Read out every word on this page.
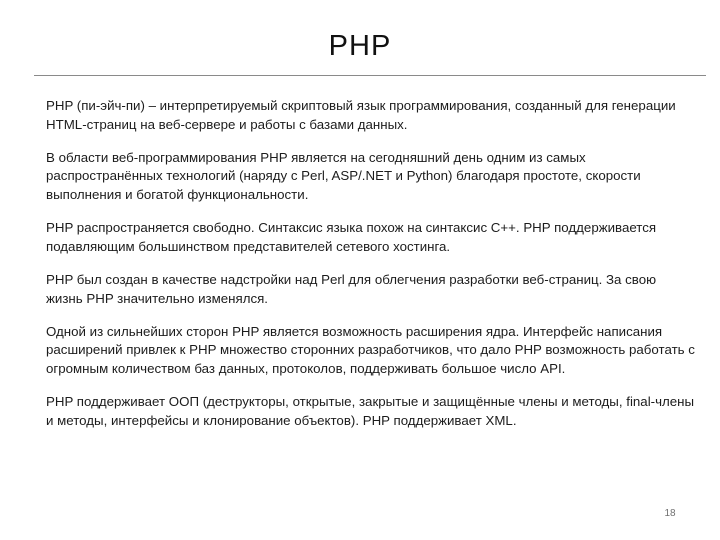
PHP

PHP (пи-эйч-пи) – интерпретируемый скриптовый язык программирования, созданный для генерации HTML-страниц на веб-сервере и работы с базами данных.

В области веб-программирования PHP является на сегодняшний день одним из самых распространённых технологий (наряду с Perl, ASP/.NET и Python) благодаря простоте, скорости выполнения и богатой функциональности.

PHP распространяется свободно. Синтаксис языка похож на синтаксис C++. PHP поддерживается подавляющим большинством представителей сетевого хостинга.

PHP был создан в качестве надстройки над Perl для облегчения разработки веб-страниц. За свою жизнь PHP значительно изменялся.

Одной из сильнейших сторон PHP является возможность расширения ядра. Интерфейс написания расширений привлек к PHP множество сторонних разработчиков, что дало PHP возможность работать с огромным количеством баз данных, протоколов, поддерживать большое число API.

PHP поддерживает ООП (деструкторы, открытые, закрытые и защищённые члены и методы, final-члены и методы, интерфейсы и клонирование объектов). PHP поддерживает XML.

18
